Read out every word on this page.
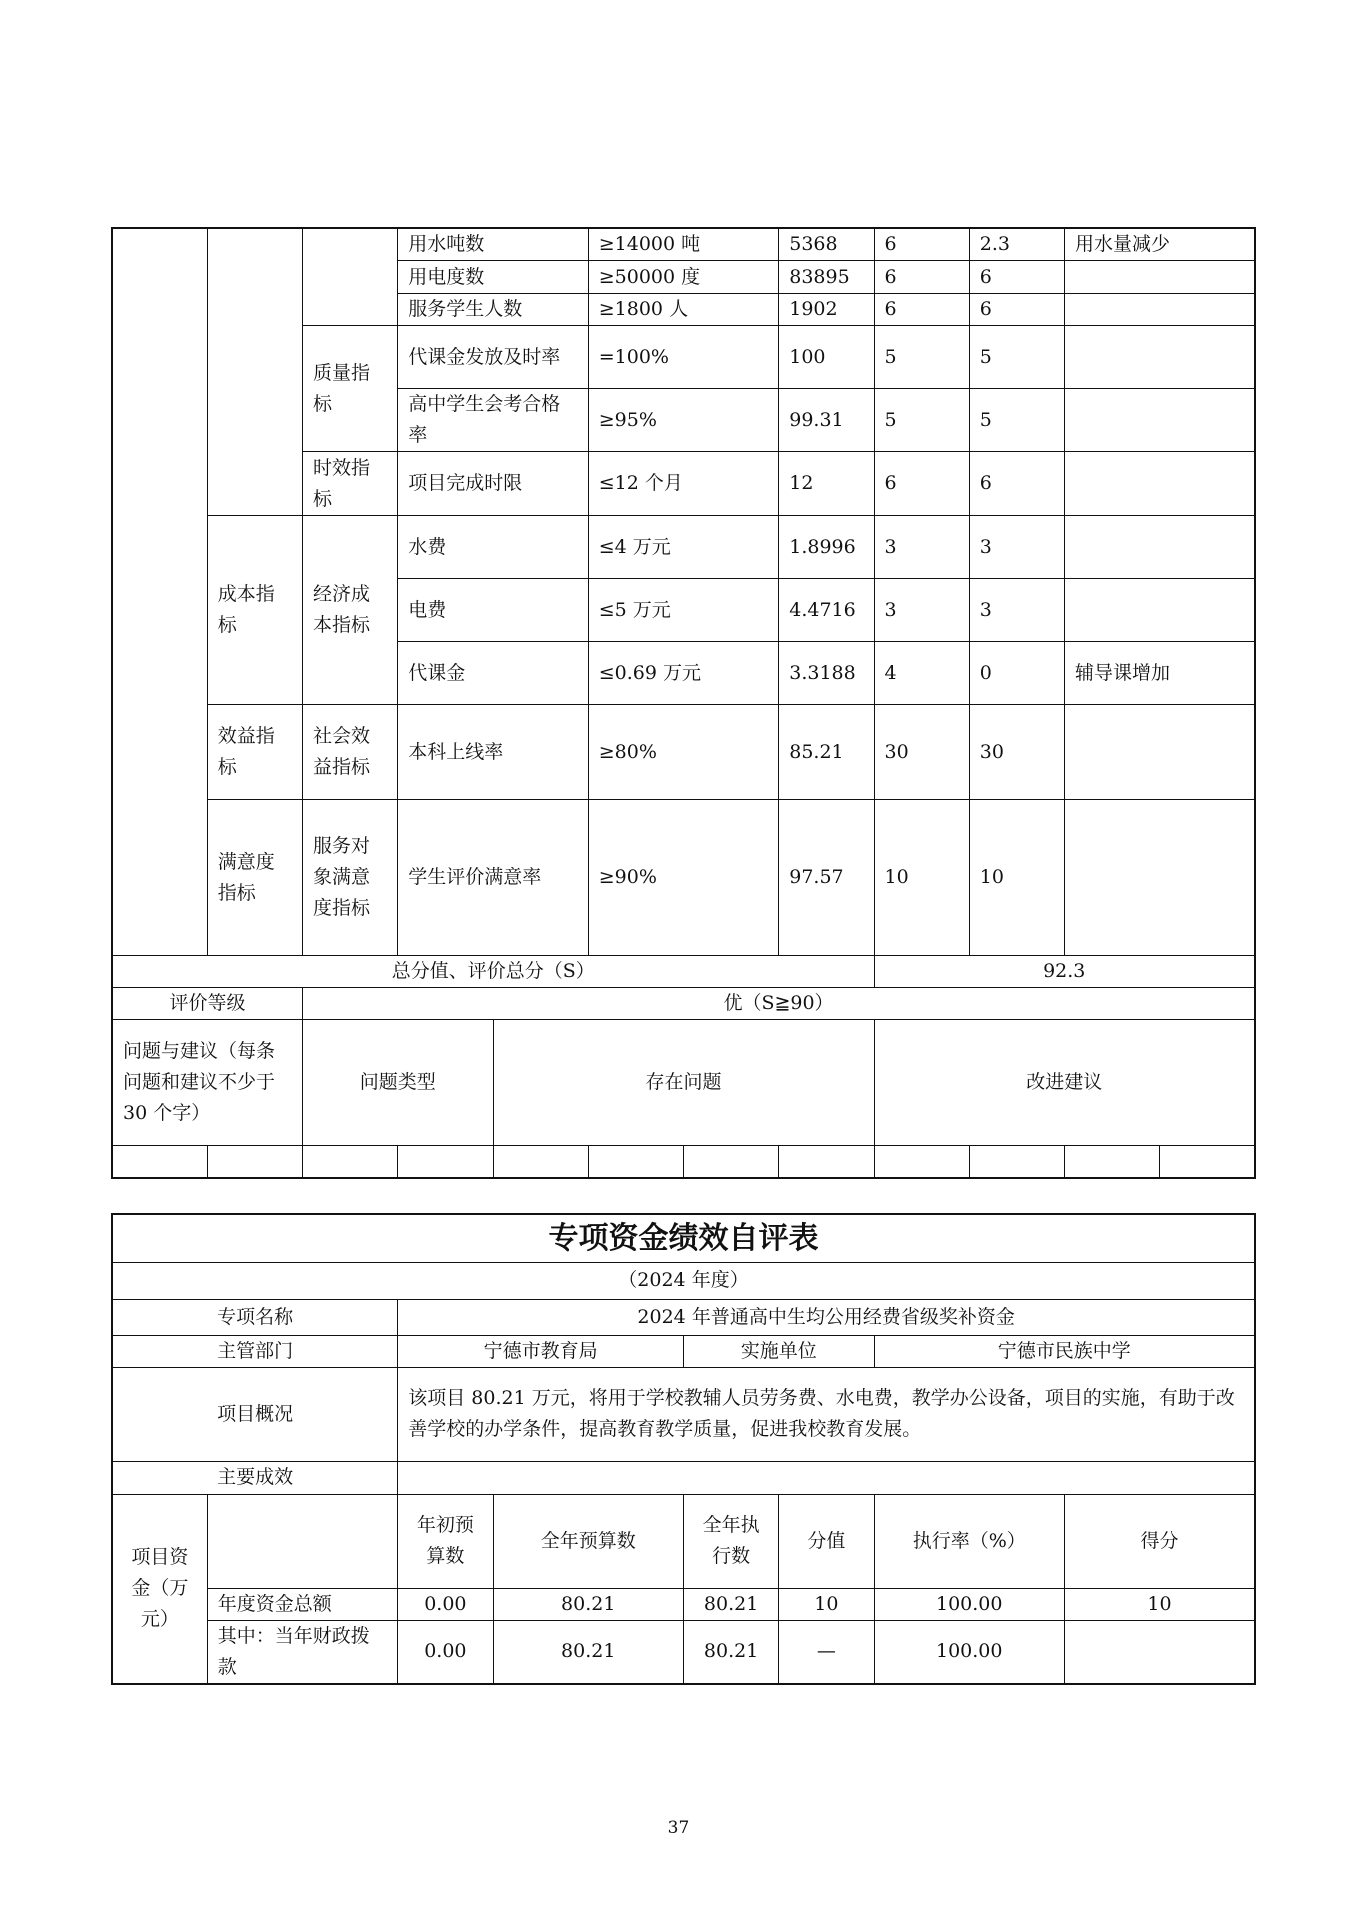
			用水吨数		≥14000 吨		5368	6	2.3	用水量减少	
			用电度数		≥50000 度		83895	6	6		
			服务学生人数		≥1800 人		1902	6	6		
		质量指标	代课金发放及时率		=100%		100	5	5		
			高中学生会考合格率		≥95%		99.31	5	5		
		时效指标	项目完成时限		≤12 个月		12	6	6		
	成本指标	经济成本指标	水费		≤4 万元		1.8996	3	3		
			电费		≤5 万元		4.4716	3	3		
			代课金		≤0.69 万元		3.3188	4	0	辅导课增加	
	效益指标	社会效益指标	本科上线率		≥80%		85.21	30	30		
	满意度指标	服务对象满意度指标	学生评价满意率		≥90%		97.57	10	10		
总分值、评价总分（S）								92.3			
评价等级		优（S≧90）									
问题与建议（每条问题和建议不少于 30 个字）		问题类型		存在问题				改进建议			

专项资金绩效自评表							
（2024 年度）							
专项名称		2024 年普通高中生均公用经费省级奖补资金					
主管部门		宁德市教育局		实施单位		宁德市民族中学	
项目概况		该项目 80.21 万元，将用于学校教辅人员劳务费、水电费，教学办公设备，项目的实施，有助于改善学校的办学条件，提高教育教学质量，促进我校教育发展。					
主要成效							
项目资金（万元）		年初预算数	全年预算数	全年执行数	分值	执行率（%）	得分
	年度资金总额	0.00	80.21	80.21	10	100.00	10
	其中：当年财政拨款	0.00	80.21	80.21	—	100.00	
37
